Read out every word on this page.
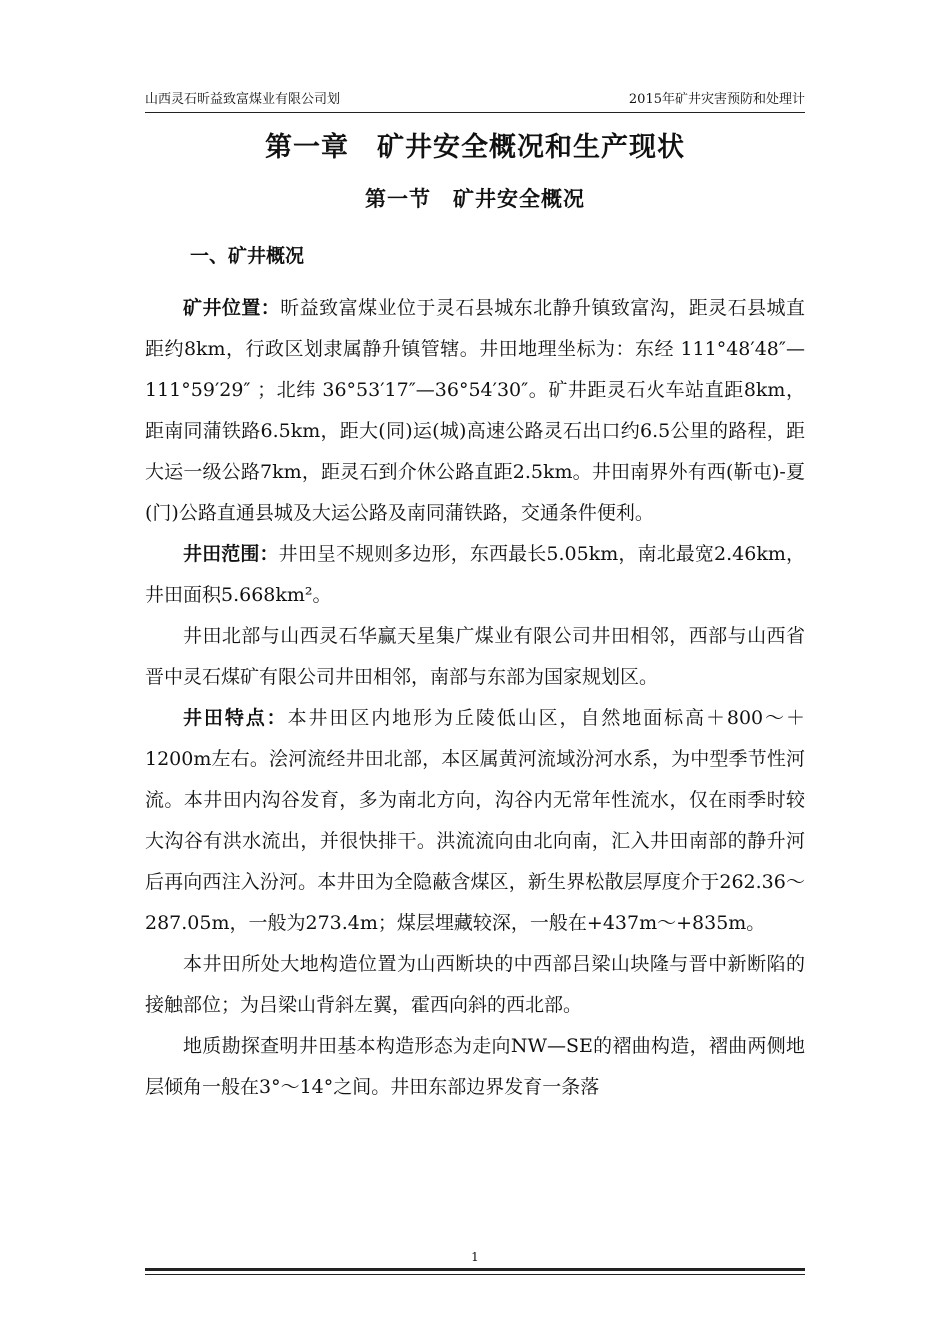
山西灵石昕益致富煤业有限公司划	2015年矿井灾害预防和处理计
第一章　矿井安全概况和生产现状
第一节　矿井安全概况
一、矿井概况

矿井位置：昕益致富煤业位于灵石县城东北静升镇致富沟，距灵石县城直距约8km，行政区划隶属静升镇管辖。井田地理坐标为：东经 111°48′48″—111°59′29″ ；北纬 36°53′17″—36°54′30″。矿井距灵石火车站直距8km，距南同蒲铁路6.5km，距大(同)运(城)高速公路灵石出口约6.5公里的路程，距大运一级公路7km，距灵石到介休公路直距2.5km。井田南界外有西(靳屯)-夏(门)公路直通县城及大运公路及南同蒲铁路，交通条件便利。

井田范围：井田呈不规则多边形，东西最长5.05km，南北最宽2.46km，井田面积5.668km²。

井田北部与山西灵石华赢天星集广煤业有限公司井田相邻，西部与山西省晋中灵石煤矿有限公司井田相邻，南部与东部为国家规划区。

井田特点：本井田区内地形为丘陵低山区，自然地面标高＋800～＋1200m左右。浍河流经井田北部，本区属黄河流域汾河水系，为中型季节性河流。本井田内沟谷发育，多为南北方向，沟谷内无常年性流水，仅在雨季时较大沟谷有洪水流出，并很快排干。洪流流向由北向南，汇入井田南部的静升河后再向西注入汾河。本井田为全隐蔽含煤区，新生界松散层厚度介于262.36～287.05m，一般为273.4m；煤层埋藏较深，一般在+437m～+835m。

本井田所处大地构造位置为山西断块的中西部吕梁山块隆与晋中新断陷的接触部位；为吕梁山背斜左翼，霍西向斜的西北部。

地质勘探查明井田基本构造形态为走向NW—SE的褶曲构造，褶曲两侧地层倾角一般在3°～14°之间。井田东部边界发育一条落

1
